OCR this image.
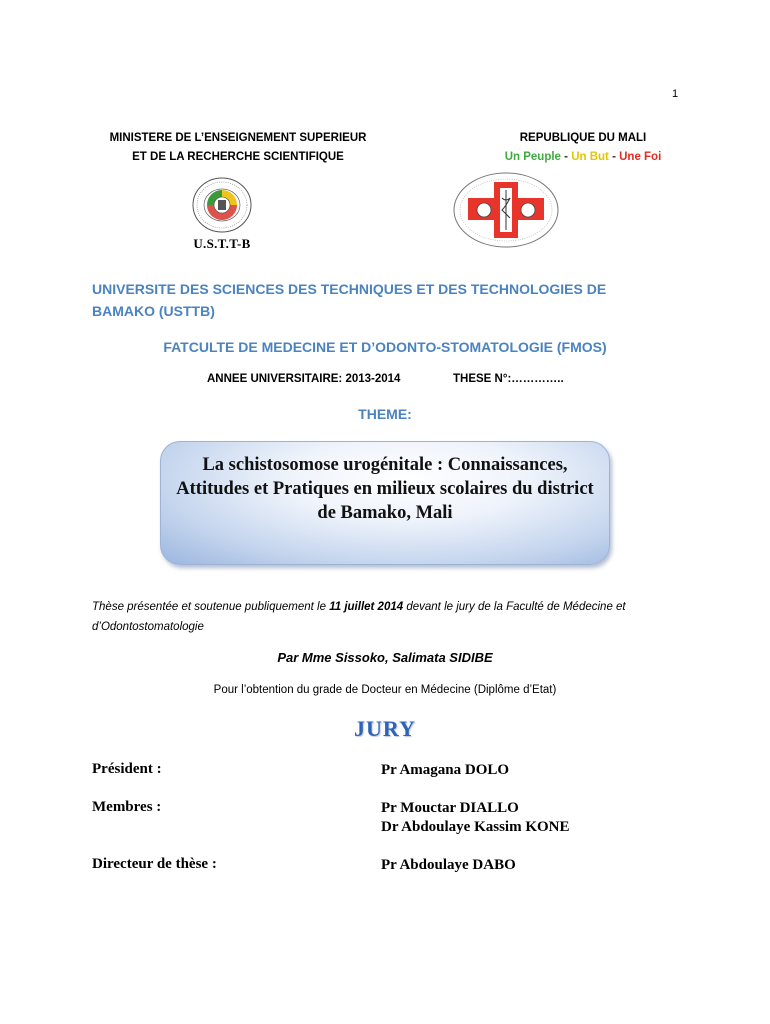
1
MINISTERE DE L’ENSEIGNEMENT SUPERIEUR
ET DE LA RECHERCHE SCIENTIFIQUE
REPUBLIQUE DU MALI
Un Peuple - Un But - Une Foi
U.S.T.T-B
UNIVERSITE DES SCIENCES DES TECHNIQUES ET DES TECHNOLOGIES DE BAMAKO (USTTB)
FATCULTE DE MEDECINE ET D’ODONTO-STOMATOLOGIE (FMOS)
ANNEE UNIVERSITAIRE: 2013-2014	THESE N°:…………..
THEME:
La schistosomose urogénitale : Connaissances, Attitudes et Pratiques en milieux scolaires du district de Bamako, Mali
Thèse présentée et soutenue publiquement le 11 juillet 2014 devant le jury de la Faculté de Médecine et d’Odontostomatologie
Par Mme Sissoko, Salimata SIDIBE
Pour l’obtention du grade de Docteur en Médecine (Diplôme d’Etat)
JURY
Président :	Pr Amagana DOLO
Membres :	Pr Mouctar DIALLO
Dr Abdoulaye Kassim KONE
Directeur de thèse :	Pr Abdoulaye DABO
